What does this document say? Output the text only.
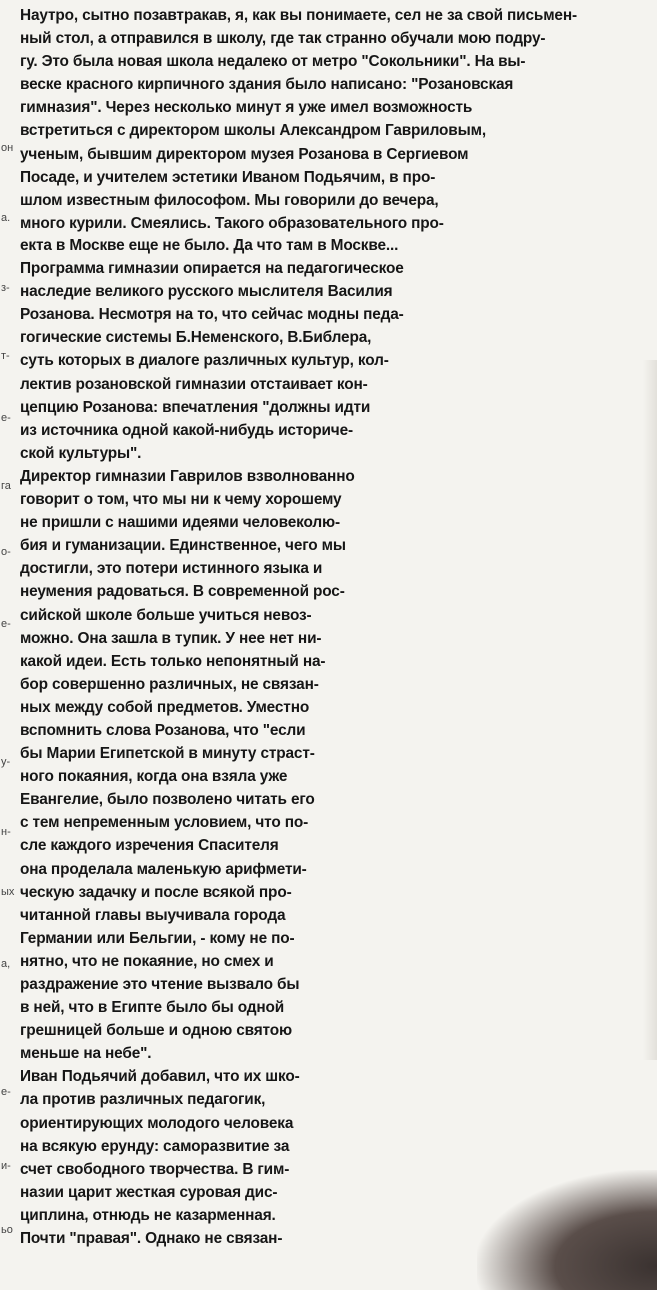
он
а.
з-
т-
е-
га
о-
е-
у-
н-
ых
а,
е-
и-
ьо
Наутро, сытно позавтракав, я, как вы понимаете, сел не за свой письмен-
ный стол, а отправился в школу, где так странно обучали мою подру-
гу. Это была новая школа недалеко от метро "Сокольники". На вы-
веске красного кирпичного здания было написано: "Розановская
гимназия". Через несколько минут я уже имел возможность
встретиться с директором школы Александром Гавриловым,
ученым, бывшим директором музея Розанова в Сергиевом
Посаде, и учителем эстетики Иваном Подьячим, в про-
шлом известным философом. Мы говорили до вечера,
много курили. Смеялись. Такого образовательного про-
екта в Москве еще не было. Да что там в Москве...
Программа гимназии опирается на педагогическое
наследие великого русского мыслителя Василия
Розанова. Несмотря на то, что сейчас модны педа-
гогические системы Б.Неменского, В.Библера,
суть которых в диалоге различных культур, кол-
лектив розановской гимназии отстаивает кон-
цепцию Розанова: впечатления "должны идти
из источника одной какой-нибудь историче-
ской культуры".
Директор гимназии Гаврилов взволнованно
говорит о том, что мы ни к чему хорошему
не пришли с нашими идеями человеколю-
бия и гуманизации. Единственное, чего мы
достигли, это потери истинного языка и
неумения радоваться. В современной рос-
сийской школе больше учиться невоз-
можно. Она зашла в тупик. У нее нет ни-
какой идеи. Есть только непонятный на-
бор совершенно различных, не связан-
ных между собой предметов. Уместно
вспомнить слова Розанова, что "если
бы Марии Египетской в минуту страст-
ного покаяния, когда она взяла уже
Евангелие, было позволено читать его
с тем непременным условием, что по-
сле каждого изречения Спасителя
она проделала маленькую арифмети-
ческую задачку и после всякой про-
читанной главы выучивала города
Германии или Бельгии, - кому не по-
нятно, что не покаяние, но смех и
раздражение это чтение вызвало бы
в ней, что в Египте было бы одной
грешницей больше и одною святою
меньше на небе".
Иван Подьячий добавил, что их шко-
ла против различных педагогик,
ориентирующих молодого человека
на всякую ерунду: саморазвитие за
счет свободного творчества. В гим-
назии царит жесткая суровая дис-
циплина, отнюдь не казарменная.
Почти "правая". Однако не связан-
